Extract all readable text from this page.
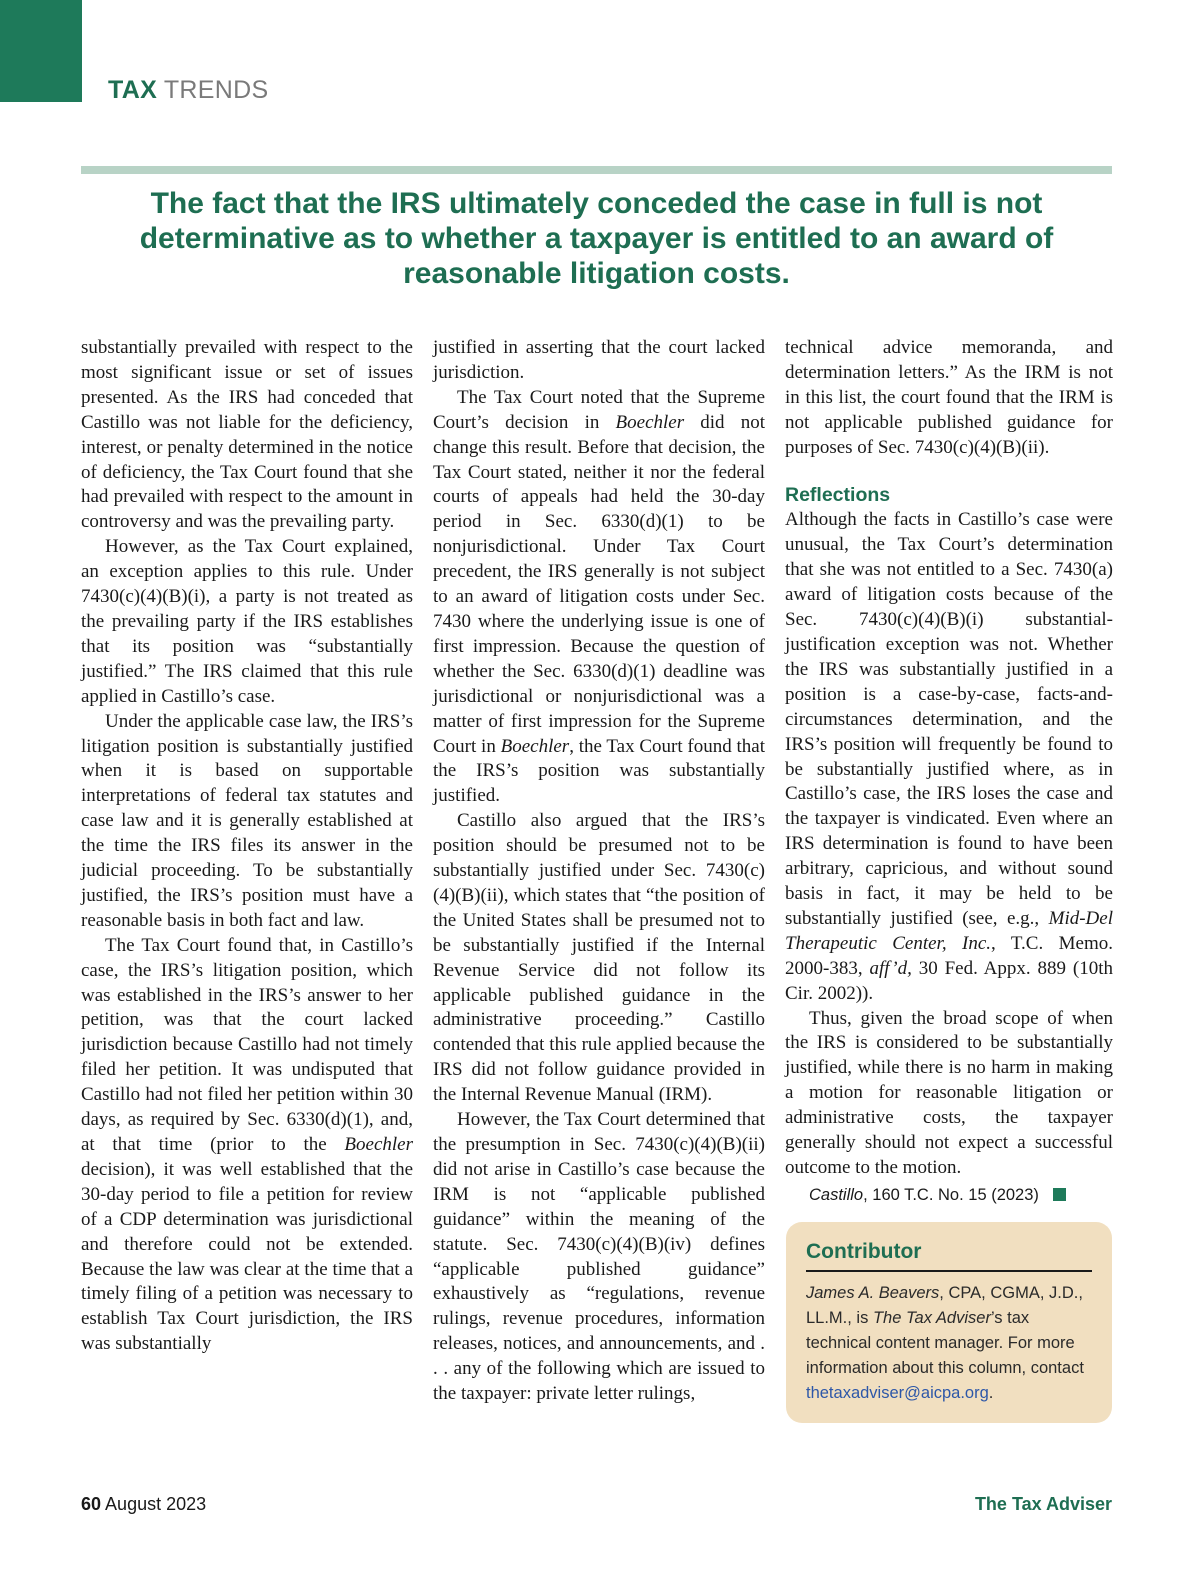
TAX TRENDS

The fact that the IRS ultimately conceded the case in full is not determinative as to whether a taxpayer is entitled to an award of reasonable litigation costs.

substantially prevailed with respect to the most significant issue or set of issues presented. As the IRS had conceded that Castillo was not liable for the deficiency, interest, or penalty determined in the notice of deficiency, the Tax Court found that she had prevailed with respect to the amount in controversy and was the prevailing party.

However, as the Tax Court explained, an exception applies to this rule. Under 7430(c)(4)(B)(i), a party is not treated as the prevailing party if the IRS establishes that its position was “substantially justified.” The IRS claimed that this rule applied in Castillo’s case.

Under the applicable case law, the IRS’s litigation position is substantially justified when it is based on supportable interpretations of federal tax statutes and case law and it is generally established at the time the IRS files its answer in the judicial proceeding. To be substantially justified, the IRS’s position must have a reasonable basis in both fact and law.

The Tax Court found that, in Castillo’s case, the IRS’s litigation position, which was established in the IRS’s answer to her petition, was that the court lacked jurisdiction because Castillo had not timely filed her petition. It was undisputed that Castillo had not filed her petition within 30 days, as required by Sec. 6330(d)(1), and, at that time (prior to the Boechler decision), it was well established that the 30-day period to file a petition for review of a CDP determination was jurisdictional and therefore could not be extended. Because the law was clear at the time that a timely filing of a petition was necessary to establish Tax Court jurisdiction, the IRS was substantially

justified in asserting that the court lacked jurisdiction.

The Tax Court noted that the Supreme Court’s decision in Boechler did not change this result. Before that decision, the Tax Court stated, neither it nor the federal courts of appeals had held the 30-day period in Sec. 6330(d)(1) to be nonjurisdictional. Under Tax Court precedent, the IRS generally is not subject to an award of litigation costs under Sec. 7430 where the underlying issue is one of first impression. Because the question of whether the Sec. 6330(d)(1) deadline was jurisdictional or nonjurisdictional was a matter of first impression for the Supreme Court in Boechler, the Tax Court found that the IRS’s position was substantially justified.

Castillo also argued that the IRS’s position should be presumed not to be substantially justified under Sec. 7430(c)(4)(B)(ii), which states that “the position of the United States shall be presumed not to be substantially justified if the Internal Revenue Service did not follow its applicable published guidance in the administrative proceeding.” Castillo contended that this rule applied because the IRS did not follow guidance provided in the Internal Revenue Manual (IRM).

However, the Tax Court determined that the presumption in Sec. 7430(c)(4)(B)(ii) did not arise in Castillo’s case because the IRM is not “applicable published guidance” within the meaning of the statute. Sec. 7430(c)(4)(B)(iv) defines “applicable published guidance” exhaustively as “regulations, revenue rulings, revenue procedures, information releases, notices, and announcements, and . . . any of the following which are issued to the taxpayer: private letter rulings,

technical advice memoranda, and determination letters.” As the IRM is not in this list, the court found that the IRM is not applicable published guidance for purposes of Sec. 7430(c)(4)(B)(ii).

Reflections

Although the facts in Castillo’s case were unusual, the Tax Court’s determination that she was not entitled to a Sec. 7430(a) award of litigation costs because of the Sec. 7430(c)(4)(B)(i) substantial-justification exception was not. Whether the IRS was substantially justified in a position is a case-by-case, facts-and-circumstances determination, and the IRS’s position will frequently be found to be substantially justified where, as in Castillo’s case, the IRS loses the case and the taxpayer is vindicated. Even where an IRS determination is found to have been arbitrary, capricious, and without sound basis in fact, it may be held to be substantially justified (see, e.g., Mid-Del Therapeutic Center, Inc., T.C. Memo. 2000-383, aff’d, 30 Fed. Appx. 889 (10th Cir. 2002)).

Thus, given the broad scope of when the IRS is considered to be substantially justified, while there is no harm in making a motion for reasonable litigation or administrative costs, the taxpayer generally should not expect a successful outcome to the motion.

Castillo, 160 T.C. No. 15 (2023)
Contributor
James A. Beavers, CPA, CGMA, J.D., LL.M., is The Tax Adviser’s tax technical content manager. For more information about this column, contact thetaxadviser@aicpa.org.
60 August 2023	The Tax Adviser
